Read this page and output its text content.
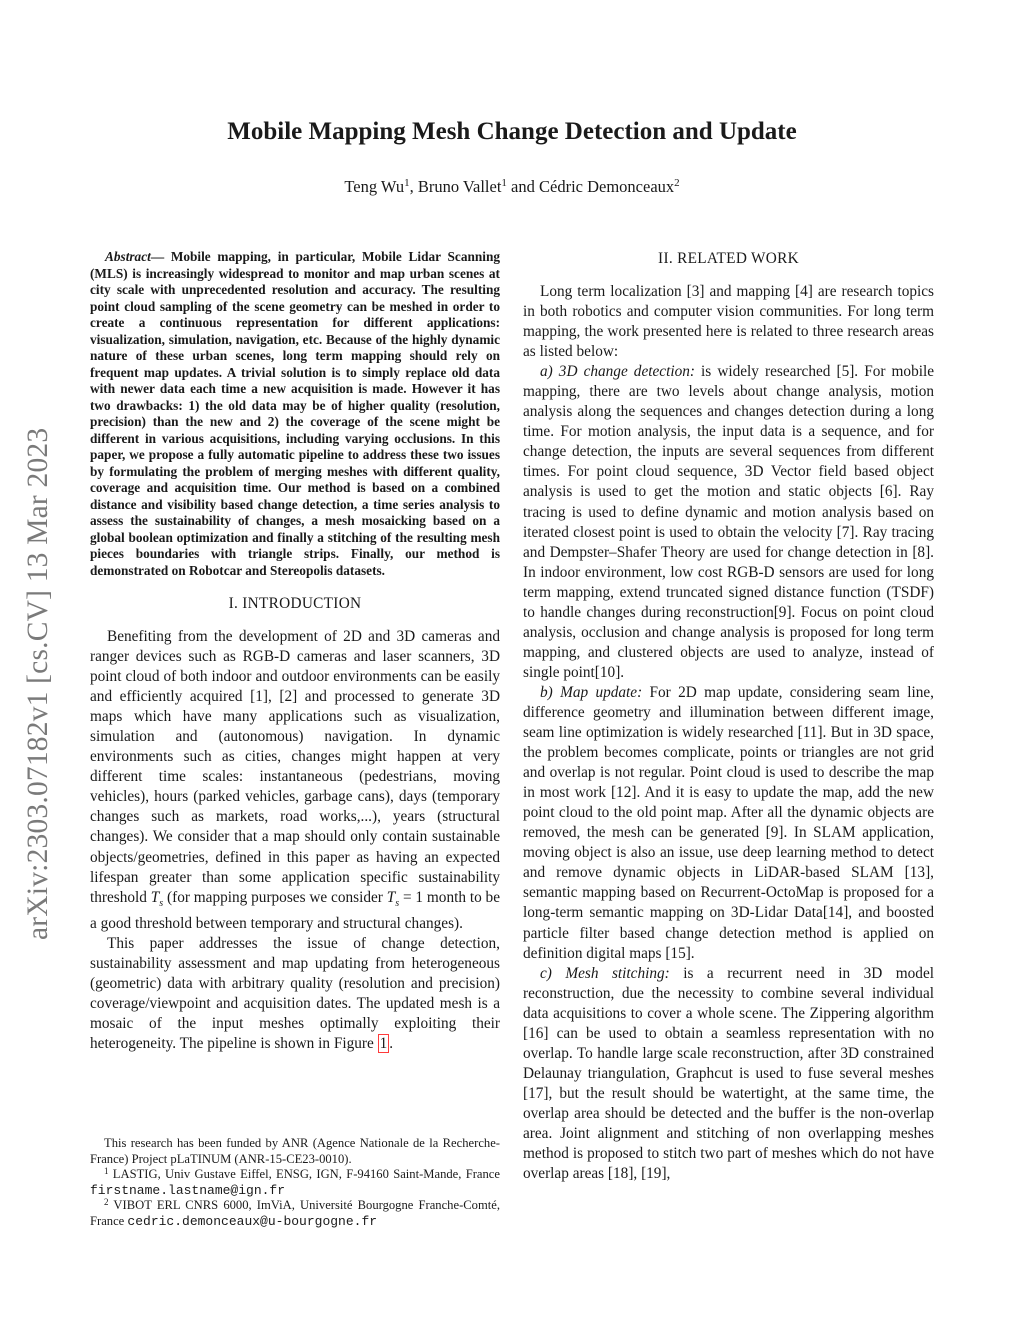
arXiv:2303.07182v1 [cs.CV] 13 Mar 2023
Mobile Mapping Mesh Change Detection and Update
Teng Wu$^1$, Bruno Vallet$^1$ and Cédric Demonceaux$^2$

Abstract— Mobile mapping, in particular, Mobile Lidar Scanning (MLS) is increasingly widespread to monitor and map urban scenes at city scale with unprecedented resolution and accuracy. The resulting point cloud sampling of the scene geometry can be meshed in order to create a continuous representation for different applications: visualization, simulation, navigation, etc. Because of the highly dynamic nature of these urban scenes, long term mapping should rely on frequent map updates. A trivial solution is to simply replace old data with newer data each time a new acquisition is made. However it has two drawbacks: 1) the old data may be of higher quality (resolution, precision) than the new and 2) the coverage of the scene might be different in various acquisitions, including varying occlusions. In this paper, we propose a fully automatic pipeline to address these two issues by formulating the problem of merging meshes with different quality, coverage and acquisition time. Our method is based on a combined distance and visibility based change detection, a time series analysis to assess the sustainability of changes, a mesh mosaicking based on a global boolean optimization and finally a stitching of the resulting mesh pieces boundaries with triangle strips. Finally, our method is demonstrated on Robotcar and Stereopolis datasets.

I. INTRODUCTION

Benefiting from the development of 2D and 3D cameras and ranger devices such as RGB-D cameras and laser scanners, 3D point cloud of both indoor and outdoor environments can be easily and efficiently acquired [1], [2] and processed to generate 3D maps which have many applications such as visualization, simulation and (autonomous) navigation. In dynamic environments such as cities, changes might happen at very different time scales: instantaneous (pedestrians, moving vehicles), hours (parked vehicles, garbage cans), days (temporary changes such as markets, road works,...), years (structural changes). We consider that a map should only contain sustainable objects/geometries, defined in this paper as having an expected lifespan greater than some application specific sustainability threshold $T_s$ (for mapping purposes we consider $T_s = 1$ month to be a good threshold between temporary and structural changes).

This paper addresses the issue of change detection, sustainability assessment and map updating from heterogeneous (geometric) data with arbitrary quality (resolution and precision) coverage/viewpoint and acquisition dates. The updated mesh is a mosaic of the input meshes optimally exploiting their heterogeneity. The pipeline is shown in Figure 1 .

This research has been funded by ANR (Agence Nationale de la Recherche-France) Project pLaTINUM (ANR-15-CE23-0010).

$^1$ LASTIG, Univ Gustave Eiffel, ENSG, IGN, F-94160 Saint-Mande, France firstname.lastname@ign.fr

$^2$ VIBOT ERL CNRS 6000, ImViA, Université Bourgogne Franche-Comté, France cedric.demonceaux@u-bourgogne.fr

II. RELATED WORK

Long term localization [3] and mapping [4] are research topics in both robotics and computer vision communities. For long term mapping, the work presented here is related to three research areas as listed below:

a) 3D change detection: is widely researched [5]. For mobile mapping, there are two levels about change analysis, motion analysis along the sequences and changes detection during a long time. For motion analysis, the input data is a sequence, and for change detection, the inputs are several sequences from different times. For point cloud sequence, 3D Vector field based object analysis is used to get the motion and static objects [6]. Ray tracing is used to define dynamic and motion analysis based on iterated closest point is used to obtain the velocity [7]. Ray tracing and Dempster–Shafer Theory are used for change detection in [8]. In indoor environment, low cost RGB-D sensors are used for long term mapping, extend truncated signed distance function (TSDF) to handle changes during reconstruction[9]. Focus on point cloud analysis, occlusion and change analysis is proposed for long term mapping, and clustered objects are used to analyze, instead of single point[10].

b) Map update: For 2D map update, considering seam line, difference geometry and illumination between different image, seam line optimization is widely researched [11]. But in 3D space, the problem becomes complicate, points or triangles are not grid and overlap is not regular. Point cloud is used to describe the map in most work [12]. And it is easy to update the map, add the new point cloud to the old point map. After all the dynamic objects are removed, the mesh can be generated [9]. In SLAM application, moving object is also an issue, use deep learning method to detect and remove dynamic objects in LiDAR-based SLAM [13], semantic mapping based on Recurrent-OctoMap is proposed for a long-term semantic mapping on 3D-Lidar Data[14], and boosted particle filter based change detection method is applied on definition digital maps [15].

c) Mesh stitching: is a recurrent need in 3D model reconstruction, due the necessity to combine several individual data acquisitions to cover a whole scene. The Zippering algorithm [16] can be used to obtain a seamless representation with no overlap. To handle large scale reconstruction, after 3D constrained Delaunay triangulation, Graphcut is used to fuse several meshes [17], but the result should be watertight, at the same time, the overlap area should be detected and the buffer is the non-overlap area. Joint alignment and stitching of non overlapping meshes method is proposed to stitch two part of meshes which do not have overlap areas [18], [19],
